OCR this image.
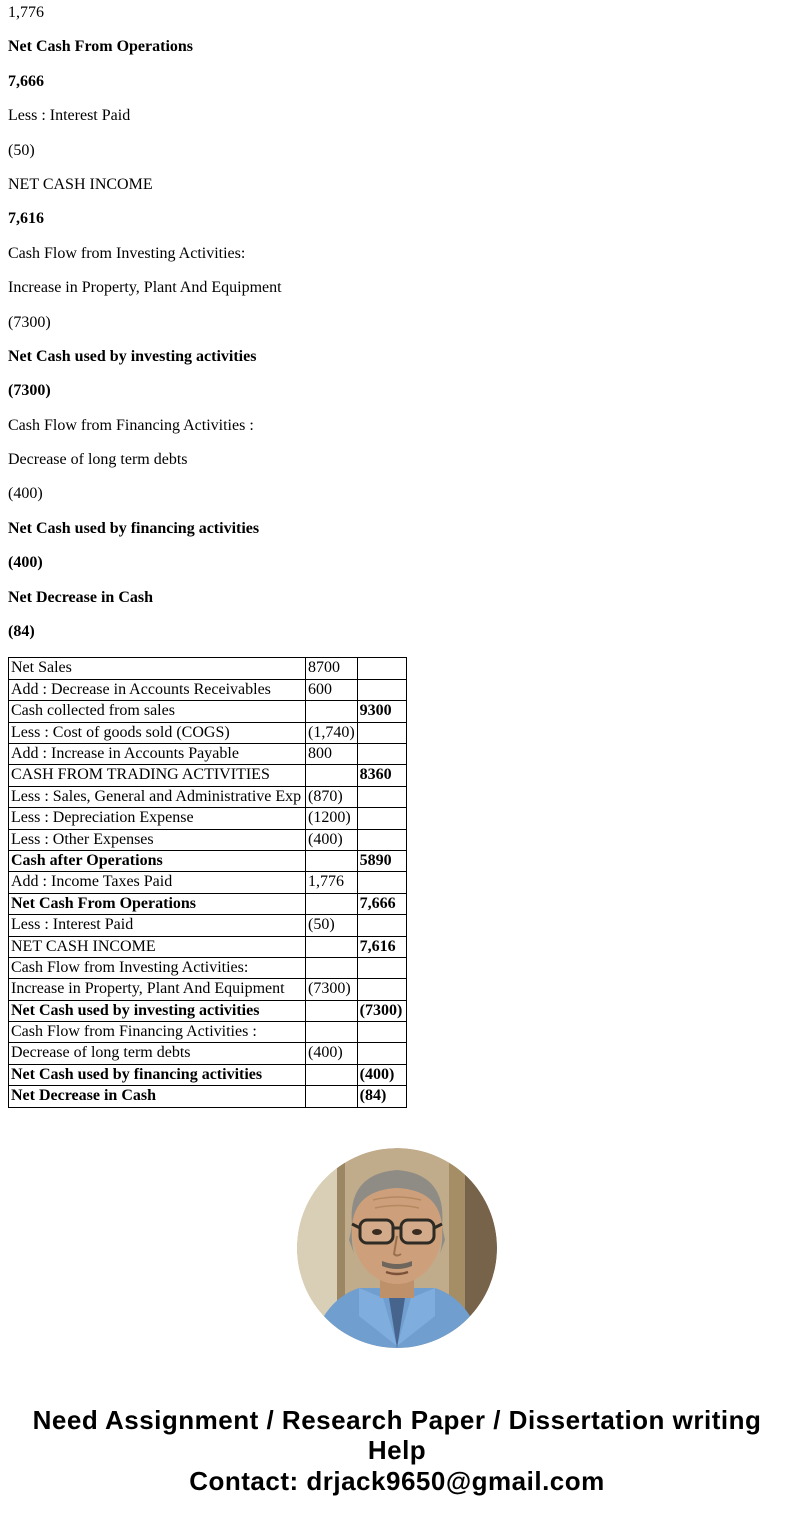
1,776

Net Cash From Operations

7,666

Less : Interest Paid

(50)

NET CASH INCOME

7,616

Cash Flow from Investing Activities:

Increase in Property, Plant And Equipment

(7300)

Net Cash used by investing activities

(7300)

Cash Flow from Financing Activities :

Decrease of long term debts

(400)

Net Cash used by financing activities

(400)

Net Decrease in Cash

(84)

Net Sales	8700	
Add : Decrease in Accounts Receivables	600	
Cash collected from sales		9300
Less : Cost of goods sold (COGS)	(1,740)	
Add : Increase in Accounts Payable	800	
CASH FROM TRADING ACTIVITIES		8360
Less : Sales, General and Administrative Exp	(870)	
Less : Depreciation Expense	(1200)	
Less : Other Expenses	(400)	
Cash after Operations		5890
Add : Income Taxes Paid	1,776	
Net Cash From Operations		7,666
Less : Interest Paid	(50)	
NET CASH INCOME		7,616
Cash Flow from Investing Activities:		
Increase in Property, Plant And Equipment	(7300)	
Net Cash used by investing activities		(7300)
Cash Flow from Financing Activities :		
Decrease of long term debts	(400)	
Net Cash used by financing activities		(400)
Net Decrease in Cash		(84)
Need Assignment / Research Paper / Dissertation writing Help
Contact: drjack9650@gmail.com
